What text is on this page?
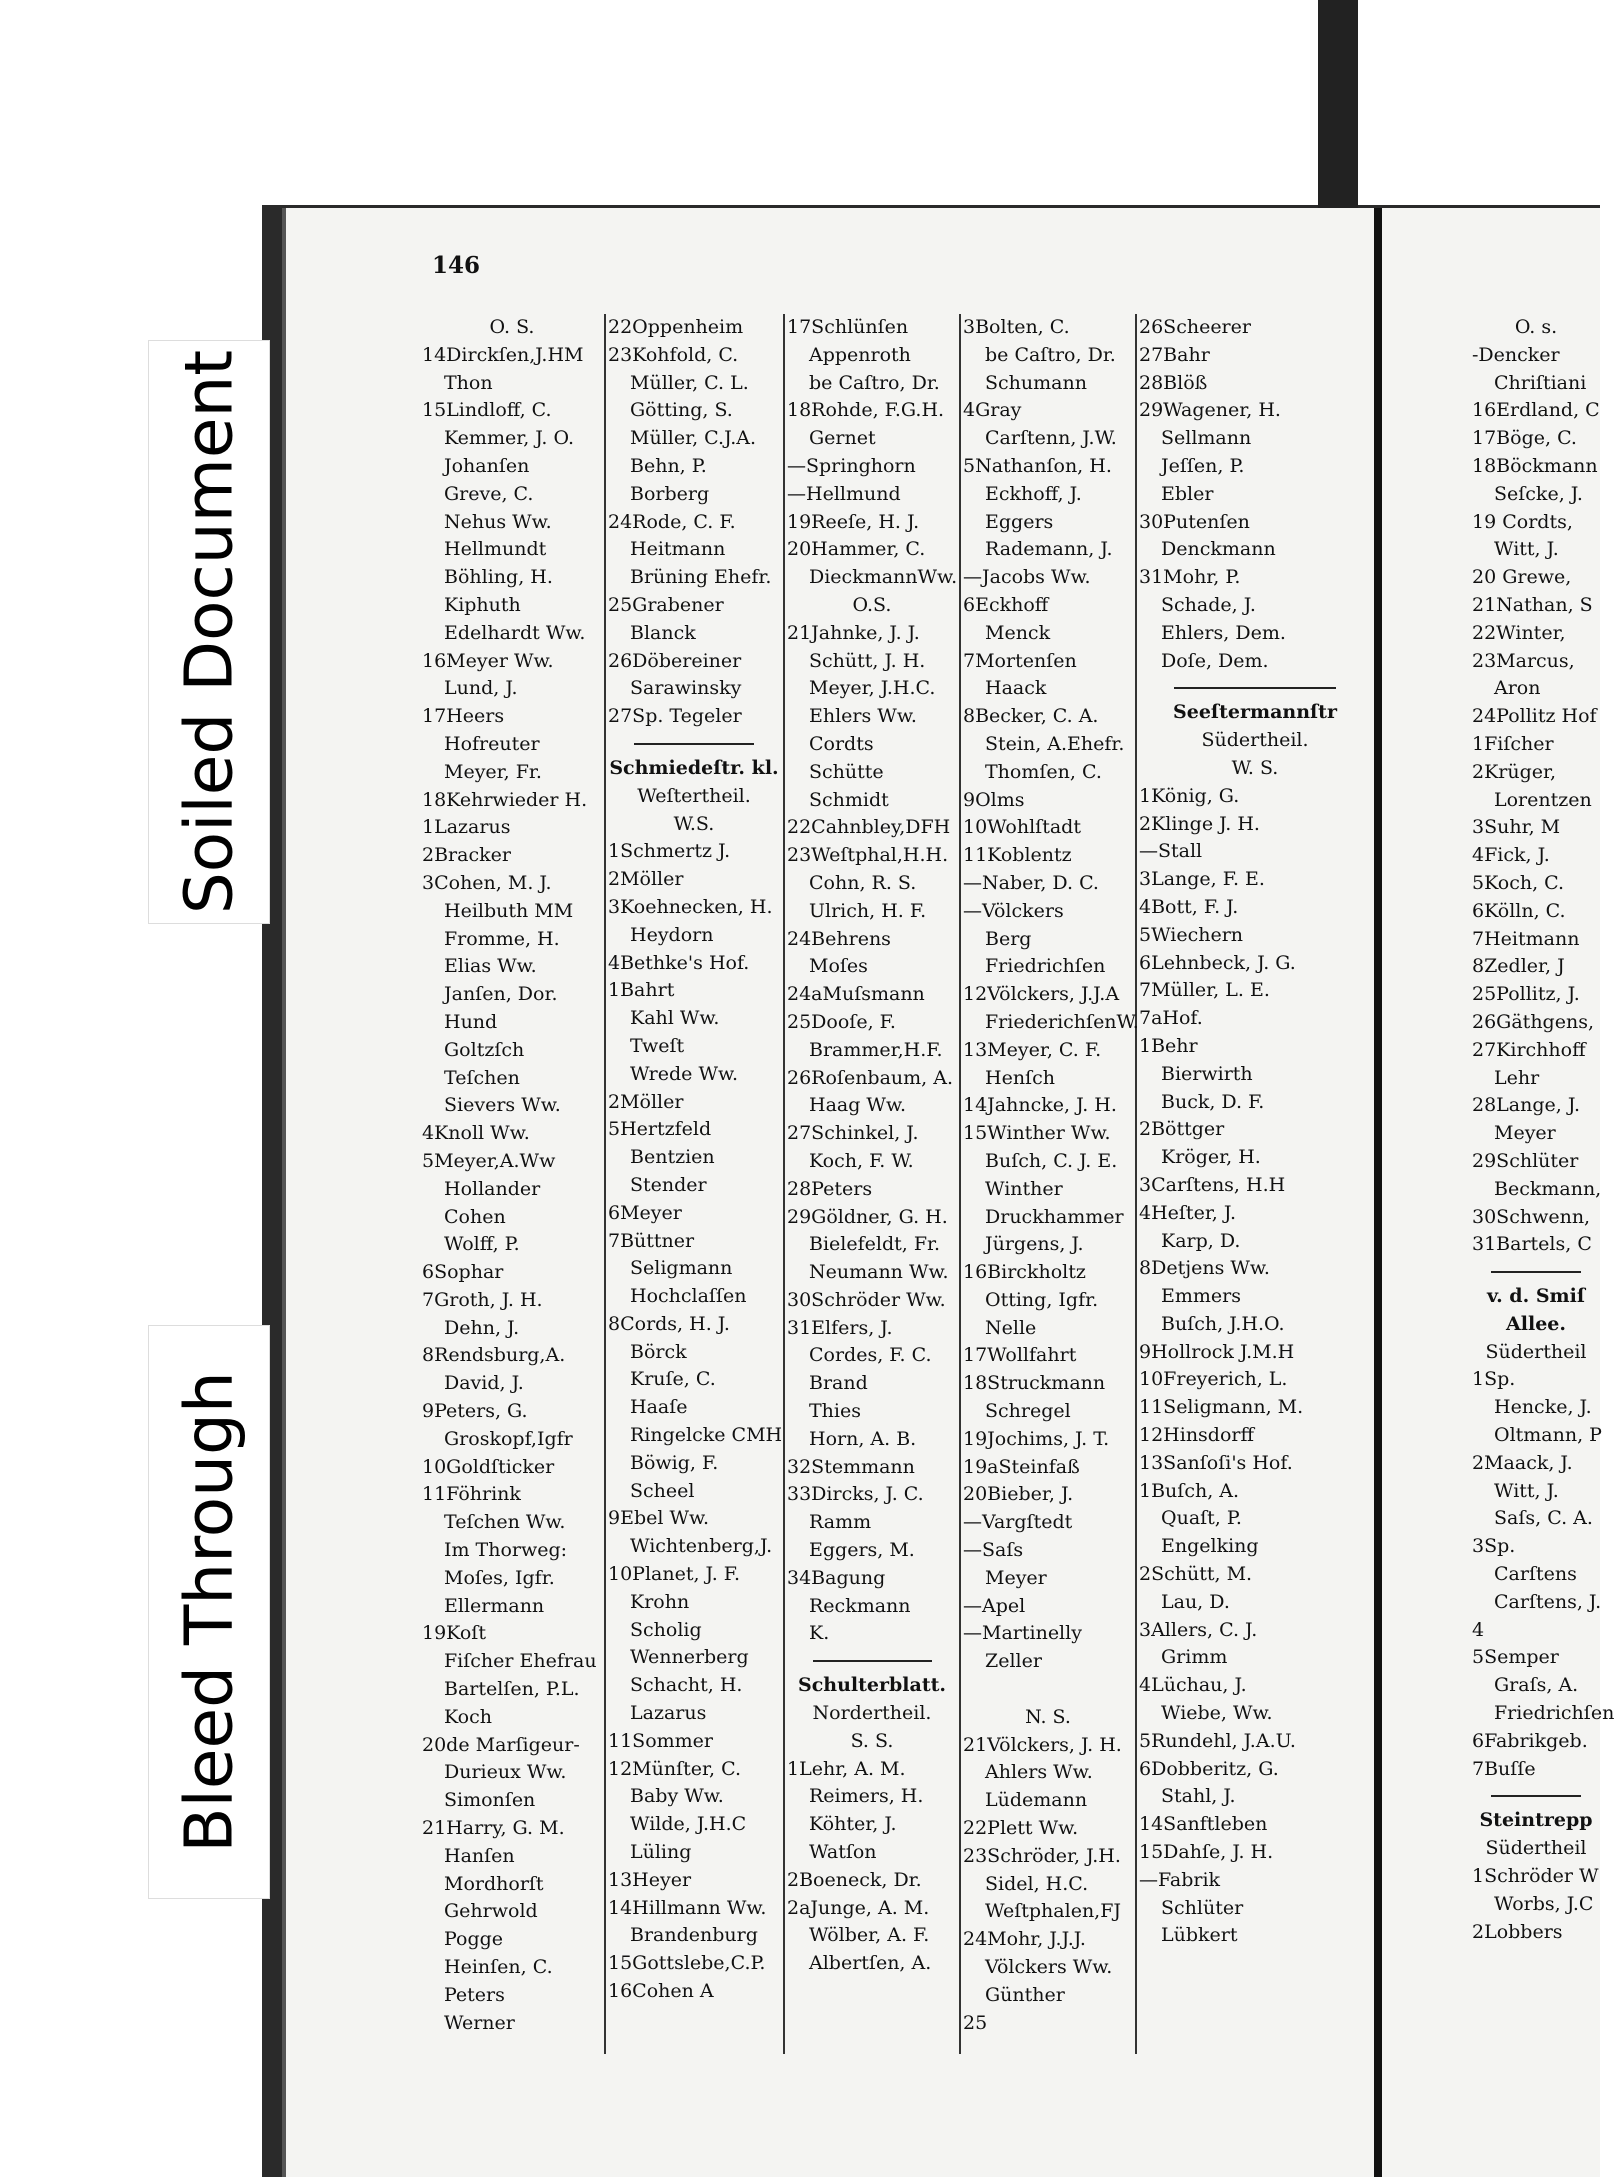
Soiled Document
Bleed Through
146
O. S.
14Dirckſen,J.HM
Thon
15Lindloff, C.
Kemmer, J. O.
Johanſen
Greve, C.
Nehus Ww.
Hellmundt
Böhling, H.
Kiphuth
Edelhardt Ww.
16Meyer Ww.
Lund, J.
17Heers
Hofreuter
Meyer, Fr.
18Kehrwieder H.
1Lazarus
2Bracker
3Cohen, M. J.
Heilbuth MM
Fromme, H.
Elias Ww.
Janſen, Dor.
Hund
Goltzſch
Teſchen
Sievers Ww.
4Knoll Ww.
5Meyer,A.Ww
Hollander
Cohen
Wolff, P.
6Sophar
7Groth, J. H.
Dehn, J.
8Rendsburg,A.
David, J.
9Peters, G.
Groskopf,Igfr
10Goldſticker
11Föhrink
Teſchen Ww.
Im Thorweg:
Moſes, Igfr.
Ellermann
19Koſt
Fiſcher Ehefrau
Bartelſen, P.L.
Koch
20de Marſigeur-
Durieux Ww.
Simonſen
21Harry, G. M.
Hanſen
Mordhorſt
Gehrwold
Pogge
Heinſen, C.
Peters
Werner
22Oppenheim
23Kohfold, C.
Müller, C. L.
Götting, S.
Müller, C.J.A.
Behn, P.
Borberg
24Rode, C. F.
Heitmann
Brüning Ehefr.
25Grabener
Blanck
26Döbereiner
Sarawinsky
27Sp. Tegeler
Schmiedeſtr. kl.
Weſtertheil.
W.S.
1Schmertz J.
2Möller
3Koehnecken, H.
Heydorn
4Bethke's Hof.
1Bahrt
Kahl Ww.
Tweſt
Wrede Ww.
2Möller
5Hertzfeld
Bentzien
Stender
6Meyer
7Büttner
Seligmann
Hochclaſſen
8Cords, H. J.
Börck
Kruſe, C.
Haaſe
Ringelcke CMH
Böwig, F.
Scheel
9Ebel Ww.
Wichtenberg,J.
10Planet, J. F.
Krohn
Scholig
Wennerberg
Schacht, H.
Lazarus
11Sommer
12Münſter, C.
Baby Ww.
Wilde, J.H.C
Lüling
13Heyer
14Hillmann Ww.
Brandenburg
15Gottslebe,C.P.
16Cohen A
17Schlünſen
Appenroth
be Caſtro, Dr.
18Rohde, F.G.H.
Gernet
—Springhorn
—Hellmund
19Reeſe, H. J.
20Hammer, C.
DieckmannWw.
O.S.
21Jahnke, J. J.
Schütt, J. H.
Meyer, J.H.C.
Ehlers Ww.
Cordts
Schütte
Schmidt
22Cahnbley,DFH
23Weſtphal,H.H.
Cohn, R. S.
Ulrich, H. F.
24Behrens
Moſes
24aMuſsmann
25Dooſe, F.
Brammer,H.F.
26Roſenbaum, A.
Haag Ww.
27Schinkel, J.
Koch, F. W.
28Peters
29Göldner, G. H.
Bielefeldt, Fr.
Neumann Ww.
30Schröder Ww.
31Elfers, J.
Cordes, F. C.
Brand
Thies
Horn, A. B.
32Stemmann
33Dircks, J. C.
Ramm
Eggers, M.
34Bagung
Reckmann
K.
Schulterblatt.
Nordertheil.
S. S.
1Lehr, A. M.
Reimers, H.
Köhter, J.
Watſon
2Boeneck, Dr.
2aJunge, A. M.
Wölber, A. F.
Albertſen, A.
3Bolten, C.
be Caſtro, Dr.
Schumann
4Gray
Carſtenn, J.W.
5Nathanſon, H.
Eckhoff, J.
Eggers
Rademann, J.
—Jacobs Ww.
6Eckhoff
Menck
7Mortenſen
Haack
8Becker, C. A.
Stein, A.Ehefr.
Thomſen, C.
9Olms
10Wohlſtadt
11Koblentz
—Naber, D. C.
—Völckers
Berg
Friedrichſen
12Völckers, J.J.A
FriederichſenW.
13Meyer, C. F.
Henſch
14Jahncke, J. H.
15Winther Ww.
Buſch, C. J. E.
Winther
Druckhammer
Jürgens, J.
16Birckholtz
Otting, Igfr.
Nelle
17Wollfahrt
18Struckmann
Schregel
19Jochims, J. T.
19aSteinfaß
20Bieber, J.
—Vargſtedt
—Saſs
Meyer
—Apel
—Martinelly
Zeller
N. S.
21Völckers, J. H.
Ahlers Ww.
Lüdemann
22Plett Ww.
23Schröder, J.H.
Sidel, H.C.
Weſtphalen,FJ
24Mohr, J.J.J.
Völckers Ww.
Günther
25
26Scheerer
27Bahr
28Blöß
29Wagener, H.
Sellmann
Jeſſen, P.
Ebler
30Putenſen
Denckmann
31Mohr, P.
Schade, J.
Ehlers, Dem.
Doſe, Dem.
Seeſtermannſtr
Südertheil.
W. S.
1König, G.
2Klinge J. H.
—Stall
3Lange, F. E.
4Bott, F. J.
5Wiechern
6Lehnbeck, J. G.
7Müller, L. E.
7aHof.
1Behr
Bierwirth
Buck, D. F.
2Böttger
Kröger, H.
3Carſtens, H.H
4Heſter, J.
Karp, D.
8Detjens Ww.
Emmers
Buſch, J.H.O.
9Hollrock J.M.H
10Freyerich, L.
11Seligmann, M.
12Hinsdorff
13Sanſoſi's Hof.
1Buſch, A.
Quaſt, P.
Engelking
2Schütt, M.
Lau, D.
3Allers, C. J.
Grimm
4Lüchau, J.
Wiebe, Ww.
5Rundehl, J.A.U.
6Dobberitz, G.
Stahl, J.
14Sanftleben
15Dahſe, J. H.
—Fabrik
Schlüter
Lübkert
O. s.
-Dencker
Chriſtiani
16Erdland, C
17Böge, C.
18Böckmann
Seſcke, J.
19 Cordts,
Witt, J.
20 Grewe,
21Nathan, S
22Winter,
23Marcus,
Aron
24Pollitz Hof
1Fiſcher
2Krüger,
Lorentzen
3Suhr, M
4Fick, J.
5Koch, C.
6Kölln, C.
7Heitmann
8Zedler, J
25Pollitz, J.
26Gäthgens,
27Kirchhoff
Lehr
28Lange, J.
Meyer
29Schlüter
Beckmann,
30Schwenn,
31Bartels, C
v. d. Smiſ
Allee.
Südertheil
1Sp.
Hencke, J.
Oltmann, P
2Maack, J.
Witt, J.
Saſs, C. A.
3Sp.
Carſtens
Carſtens, J.
4
5Semper
Graſs, A.
Friedrichſen
6Fabrikgeb.
7Buſſe
Steintrepp
Südertheil
1Schröder W
Worbs, J.C
2Lobbers
